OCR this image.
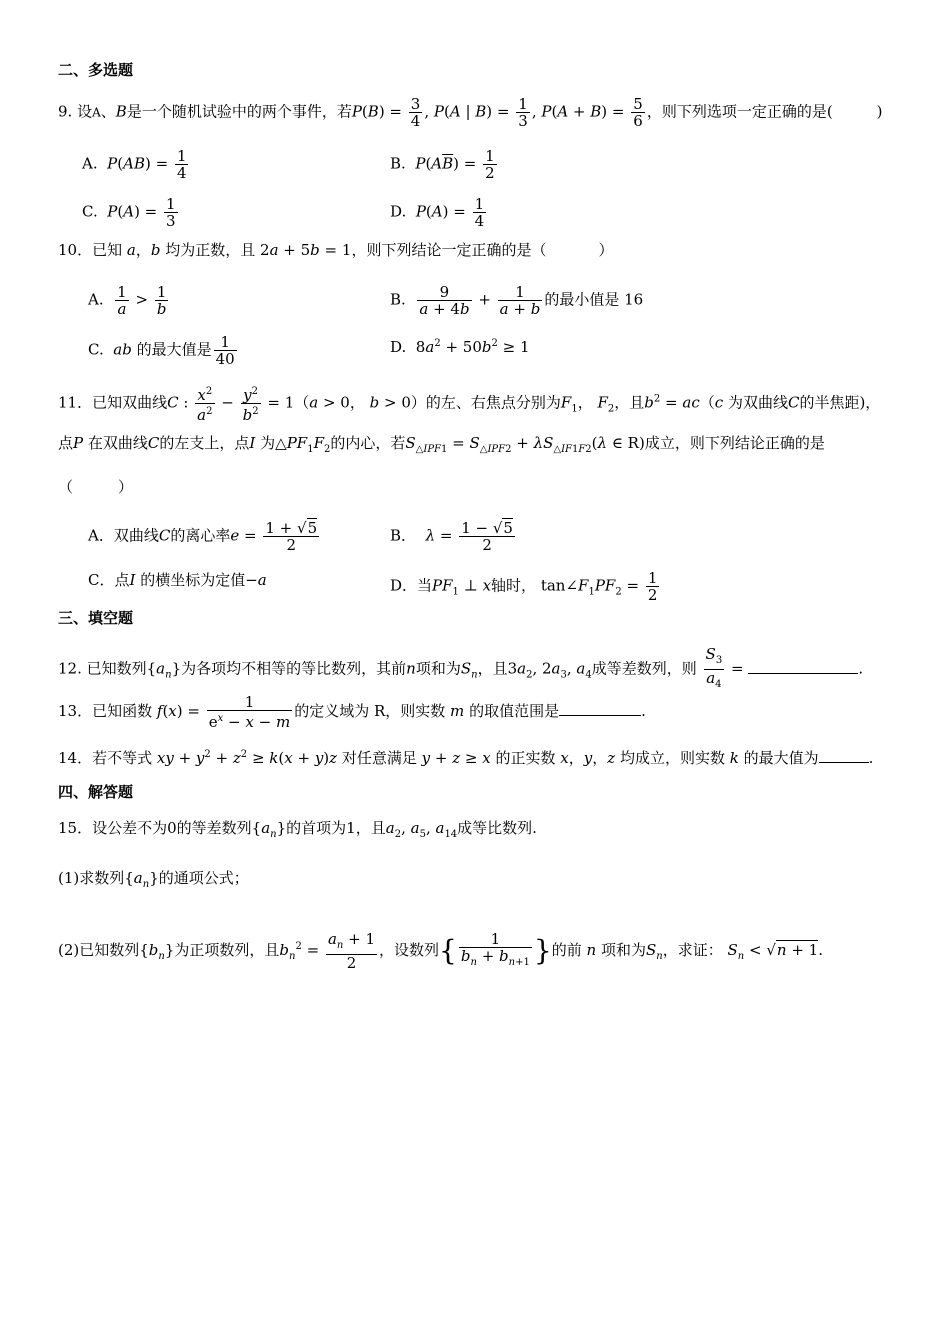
二、多选题
9. 设A、B是一个随机试验中的两个事件，若$P(B) = \frac{3}{4}$ , P(A | $B) = \frac{1}{3}$ , $P(A + B) = \frac{5}{6}$ ，则下列选项一定正确的是(	)
A. $P(AB) = \frac{1}{4}$	B. $P(A\overline{B}) = \frac{1}{2}$
C. $P(A) = \frac{1}{3}$	D. $P(A) = \frac{1}{4}$
10．已知 a，b 均为正数，且 2a + 5b = 1，则下列结论一定正确的是（	）
A. $\frac{1}{a} > \frac{1}{b}$	B. $\frac{9}{a + 4b} + \frac{1}{a + b}$ 的最小值是 16
C. ab 的最大值是 $\frac{1}{40}$	D.  $8a^2 + 50b^2 \ge 1$
11．已知双曲线C : $\frac{x^2}{a^2} - \frac{y^2}{b^2} = 1(a > 0$， b > 0）的左、右焦点分别为$F_1$， $F_2$，且$b^2 = ac(c$ 为双曲线C的半焦距)，
点P 在双曲线C的左支上，点I 为$\triangle PF_1F_2$的内心，若$S_{\triangle IPF1} = S_{\triangle IPF2} + \lambda S_{\triangle IF1F2}(\lambda$ ∈ R)成立，则下列结论正确的是
（　　　）
A．双曲线C的离心率$e = \frac{1 + √5}{2}$	B． $\lambda = \frac{1 - √5}{2}$
C．点I 的横坐标为定值−a	D．当$PF_1$ ⊥ x轴时， $\tan\angle F_1PF_2 = \frac{1}{2}$
三、填空题
12. 已知数列$\{a_n\}$为各项均不相等的等比数列，其前n项和为$S_n$，且$3a_2$, $2a_3$, $a_4$成等差数列，则 $\frac{S_3}{a_4}$ =	.
13．已知函数 $f(x) = \frac{1}{e^x - x - m}$ 的定义域为 R，则实数 m 的取值范围是	.
14．若不等式 xy + $y^2 + z^2 \ge k(x + y)z$ 对任意满足 y + z ≥ x 的正实数 x，y，z 均成立，则实数 k 的最大值为	.
四、解答题
15．设公差不为0的等差数列$\{a_n\}$的首项为1，且$a_2$, $a_5$, $a_{14}$成等比数列.
(1)求数列$\{a_n\}$的通项公式；
(2)已知数列$\{b_n\}$为正项数列，且$b_n^2 = \frac{a_n + 1}{2}$ ，设数列{ $\frac{1}{b_n + b_{n+1}}$ }的前 n 项和为$S_n$，求证： $S_n < √n + 1$.
